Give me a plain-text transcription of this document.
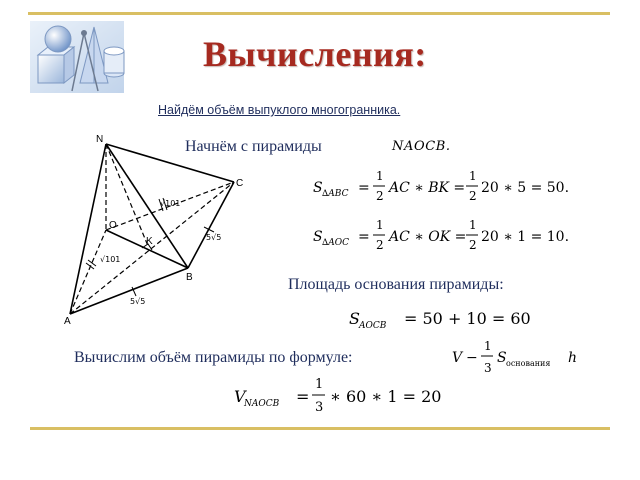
Вычисления:
Найдём объём выпуклого многогранника.
Начнём с пирамиды	NAOCB.
N
C
O
K
B
A
√101
√101
5√5
5√5
S ∆ABC =
1
2 AC ∗ BK =
1
2 20 ∗ 5 = 50.
S ∆AOC =
1
2 AC ∗ OK =
1
2 20 ∗ 1 = 10.
S AOCB = 50 + 10 = 60
V −
1
3
S основания h
V
NAOCB =
1
3
∗ 60 ∗ 1 = 20
Площадь основания пирамиды:
Вычислим объём пирамиды по формуле:
